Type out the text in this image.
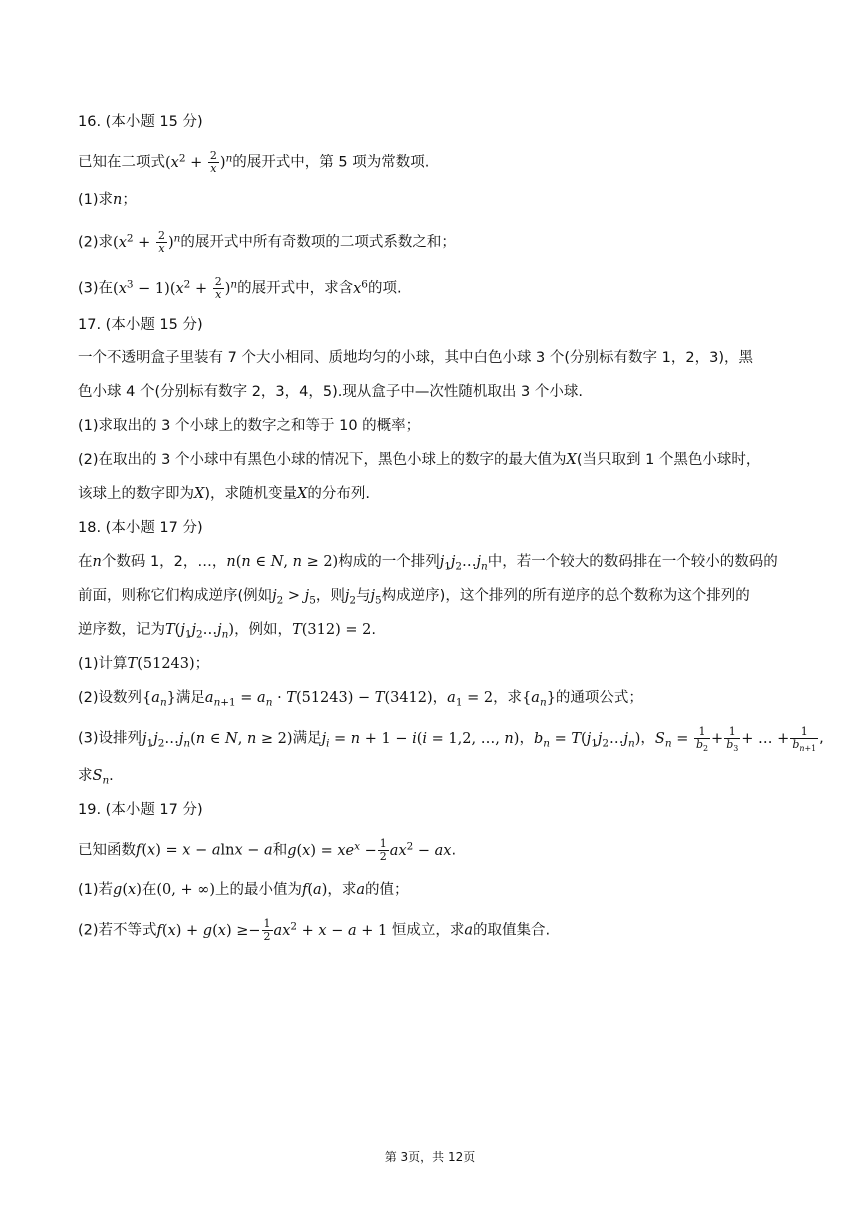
16. (本小题 15 分)
已知在二项式$(x^2 + \frac{2}{x} )^n$的展开式中，第 5 项为常数项.
(1)求n；
(2)求$(x^2 + \frac{2}{x} )^n$的展开式中所有奇数项的二项式系数之和；
(3)在$(x^3 - 1)(x^2 + \frac{2}{x} )^n$的展开式中，求含$x^6$的项.
17. (本小题 15 分)
一个不透明盒子里装有 7 个大小相同、质地均匀的小球，其中白色小球 3 个(分别标有数字 1，2，3)，黑
色小球 4 个(分别标有数字 2，3，4，5).现从盒子中—次性随机取出 3 个小球.
(1)求取出的 3 个小球上的数字之和等于 10 的概率；
(2)在取出的 3 个小球中有黑色小球的情况下，黑色小球上的数字的最大值为X(当只取到 1 个黑色小球时，
该球上的数字即为X)，求随机变量X的分布列.
18. (本小题 17 分)
在n个数码 1，2，…，n(n ∈ N, n ≥ 2)构成的一个排列$j_1j_2\dots j_n$中，若一个较大的数码排在一个较小的数码的
前面，则称它们构成逆序(例如$j_2 > j_5$，则$j_2$与$j_5$构成逆序)，这个排列的所有逆序的总个数称为这个排列的
逆序数，记为$T(j_1j_2\dots j_n)$，例如，T(312) = 2.
(1)计算T(51243)；
(2)设数列$\{a_n\}$满足$a_{n+1} = a_n \cdot T(51243) - T(3412)$，$a_1 = 2$，求$\{a_n\}$的通项公式；
(3)设排列$j_1j_2\dots j_n(n$ ∈ N, n ≥ 2)满足$j_i = n + 1 - i(i = 1,2$, …, n)，$b_n$ = $T(j_1j_2\dots j_n)$，$S_n = \frac{1}{b_2} + \frac{1}{b_3}$ + … + $\frac{1}{b_{n+1}}$ ,
求$S_n$.
19. (本小题 17 分)
已知函数f(x) = x − alnx − a和$g(x) = xe^x - \frac{1}{2} ax^2$ − ax.
(1)若g(x)在(0, + ∞)上的最小值为f(a)，求a的值；
(2)若不等式$f(x) + g(x) \ge- \frac{1}{2} ax^2 + x - a + 1$ 恒成立，求a的取值集合.
第 3页，共 12页
